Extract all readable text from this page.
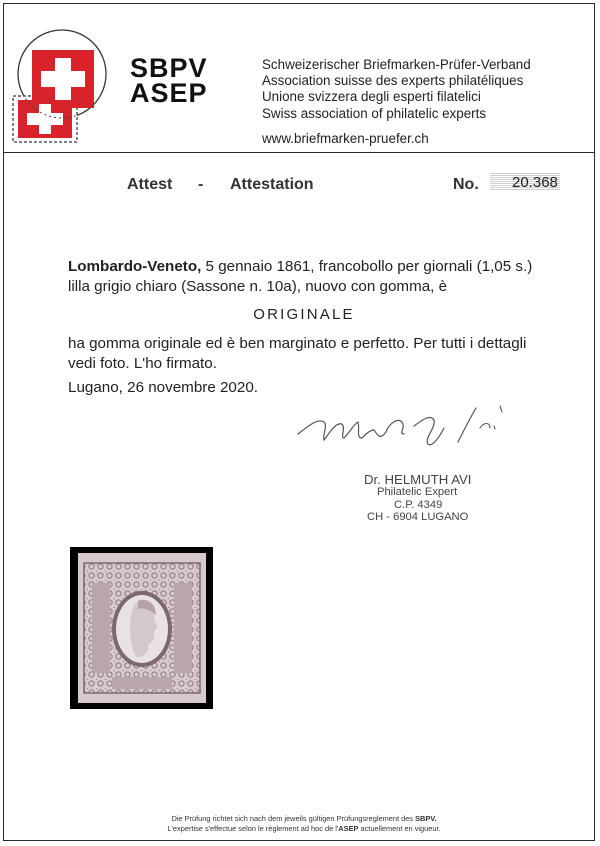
SBPV
ASEP
Schweizerischer Briefmarken-Prüfer-Verband
Association suisse des experts philatéliques
Unione svizzera degli esperti filatelici
Swiss association of philatelic experts
www.briefmarken-pruefer.ch
Attest - Attestation	No.	20.368
Lombardo-Veneto, 5 gennaio 1861, francobollo per giornali (1,05 s.)
lilla grigio chiaro (Sassone n. 10a), nuovo con gomma, è
ORIGINALE
ha gomma originale ed è ben marginato e perfetto. Per tutti i dettagli
vedi foto. L'ho firmato.
Lugano, 26 novembre 2020.
Dr. HELMUTH AVI
Philatelic Expert
C.P. 4349
CH - 6904 LUGANO
Die Prüfung richtet sich nach dem jeweils gültigen Prüfungsreglement des SBPV.
L'expertise s'effectue selon le règlement ad hoc de l'ASEP actuellement en vigueur.
